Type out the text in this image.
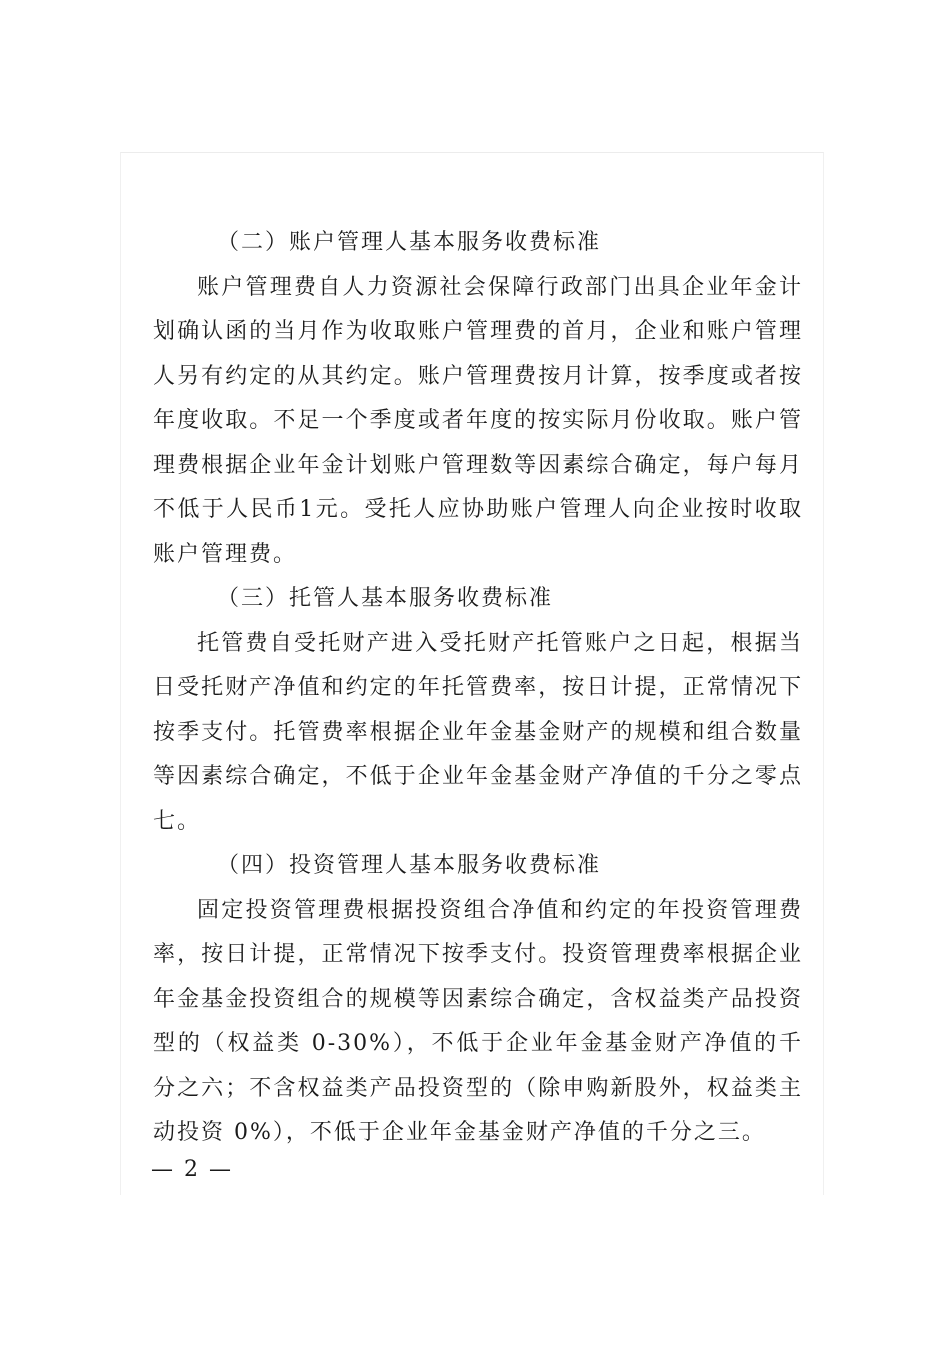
（二）账户管理人基本服务收费标准

账户管理费自人力资源社会保障行政部门出具企业年金计划确认函的当月作为收取账户管理费的首月，企业和账户管理人另有约定的从其约定。账户管理费按月计算，按季度或者按年度收取。不足一个季度或者年度的按实际月份收取。账户管理费根据企业年金计划账户管理数等因素综合确定，每户每月不低于人民币1元。受托人应协助账户管理人向企业按时收取账户管理费。

（三）托管人基本服务收费标准

托管费自受托财产进入受托财产托管账户之日起，根据当日受托财产净值和约定的年托管费率，按日计提，正常情况下按季支付。托管费率根据企业年金基金财产的规模和组合数量等因素综合确定，不低于企业年金基金财产净值的千分之零点七。

（四）投资管理人基本服务收费标准

固定投资管理费根据投资组合净值和约定的年投资管理费率，按日计提，正常情况下按季支付。投资管理费率根据企业年金基金投资组合的规模等因素综合确定，含权益类产品投资型的（权益类 0-30%），不低于企业年金基金财产净值的千分之六；不含权益类产品投资型的（除申购新股外，权益类主动投资 0%），不低于企业年金基金财产净值的千分之三。

— 2 —
